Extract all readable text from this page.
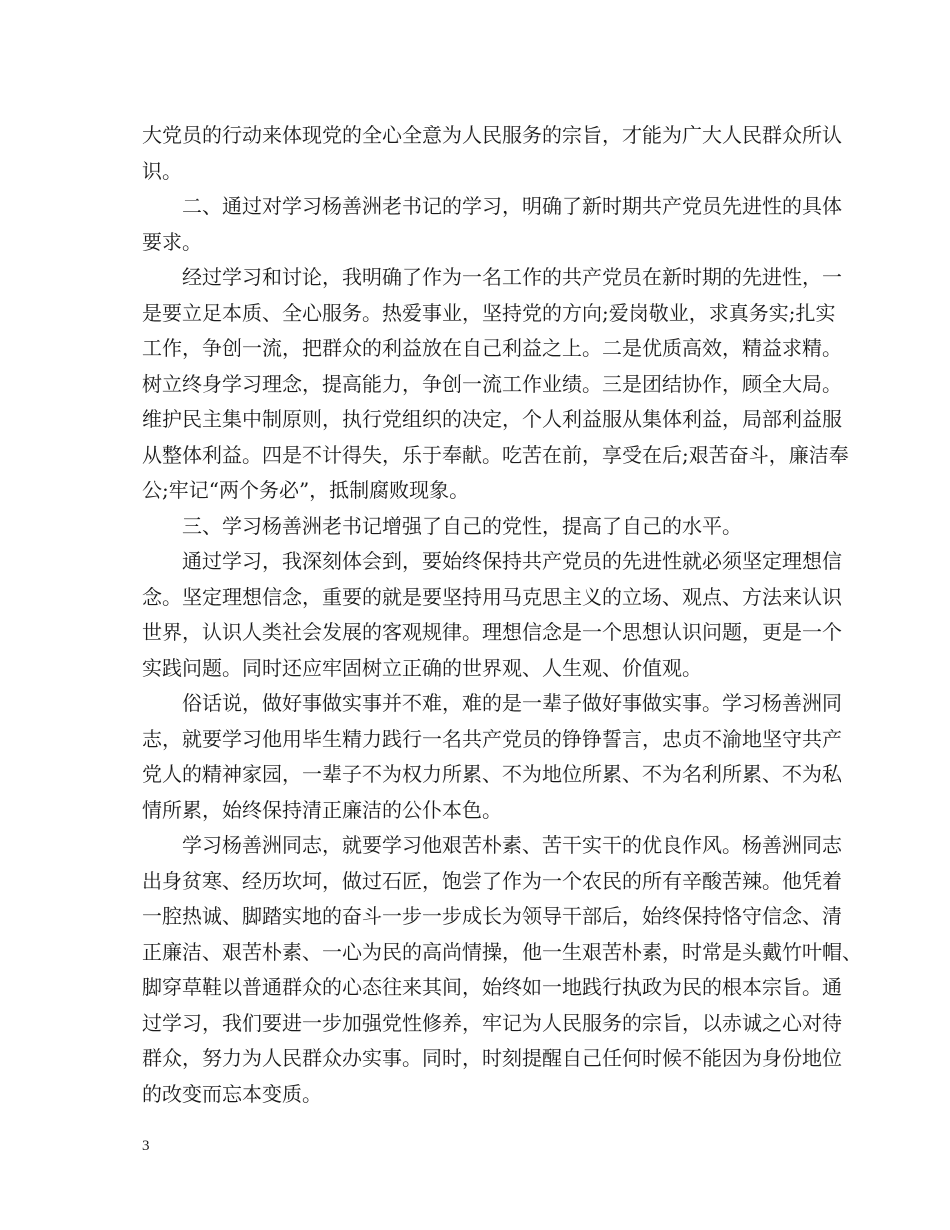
大党员的行动来体现党的全心全意为人民服务的宗旨，才能为广大人民群众所认
识。
二、通过对学习杨善洲老书记的学习，明确了新时期共产党员先进性的具体
要求。
经过学习和讨论，我明确了作为一名工作的共产党员在新时期的先进性，一
是要立足本质、全心服务。热爱事业，坚持党的方向;爱岗敬业，求真务实;扎实
工作，争创一流，把群众的利益放在自己利益之上。二是优质高效，精益求精。
树立终身学习理念，提高能力，争创一流工作业绩。三是团结协作，顾全大局。
维护民主集中制原则，执行党组织的决定，个人利益服从集体利益，局部利益服
从整体利益。四是不计得失，乐于奉献。吃苦在前，享受在后;艰苦奋斗，廉洁奉
公;牢记“两个务必”，抵制腐败现象。
三、学习杨善洲老书记增强了自己的党性，提高了自己的水平。
通过学习，我深刻体会到，要始终保持共产党员的先进性就必须坚定理想信
念。坚定理想信念，重要的就是要坚持用马克思主义的立场、观点、方法来认识
世界，认识人类社会发展的客观规律。理想信念是一个思想认识问题，更是一个
实践问题。同时还应牢固树立正确的世界观、人生观、价值观。
俗话说，做好事做实事并不难，难的是一辈子做好事做实事。学习杨善洲同
志，就要学习他用毕生精力践行一名共产党员的铮铮誓言，忠贞不渝地坚守共产
党人的精神家园，一辈子不为权力所累、不为地位所累、不为名利所累、不为私
情所累，始终保持清正廉洁的公仆本色。
学习杨善洲同志，就要学习他艰苦朴素、苦干实干的优良作风。杨善洲同志
出身贫寒、经历坎坷，做过石匠，饱尝了作为一个农民的所有辛酸苦辣。他凭着
一腔热诚、脚踏实地的奋斗一步一步成长为领导干部后，始终保持恪守信念、清
正廉洁、艰苦朴素、一心为民的高尚情操，他一生艰苦朴素，时常是头戴竹叶帽、
脚穿草鞋以普通群众的心态往来其间，始终如一地践行执政为民的根本宗旨。通
过学习，我们要进一步加强党性修养，牢记为人民服务的宗旨，以赤诚之心对待
群众，努力为人民群众办实事。同时，时刻提醒自己任何时候不能因为身份地位
的改变而忘本变质。
3
